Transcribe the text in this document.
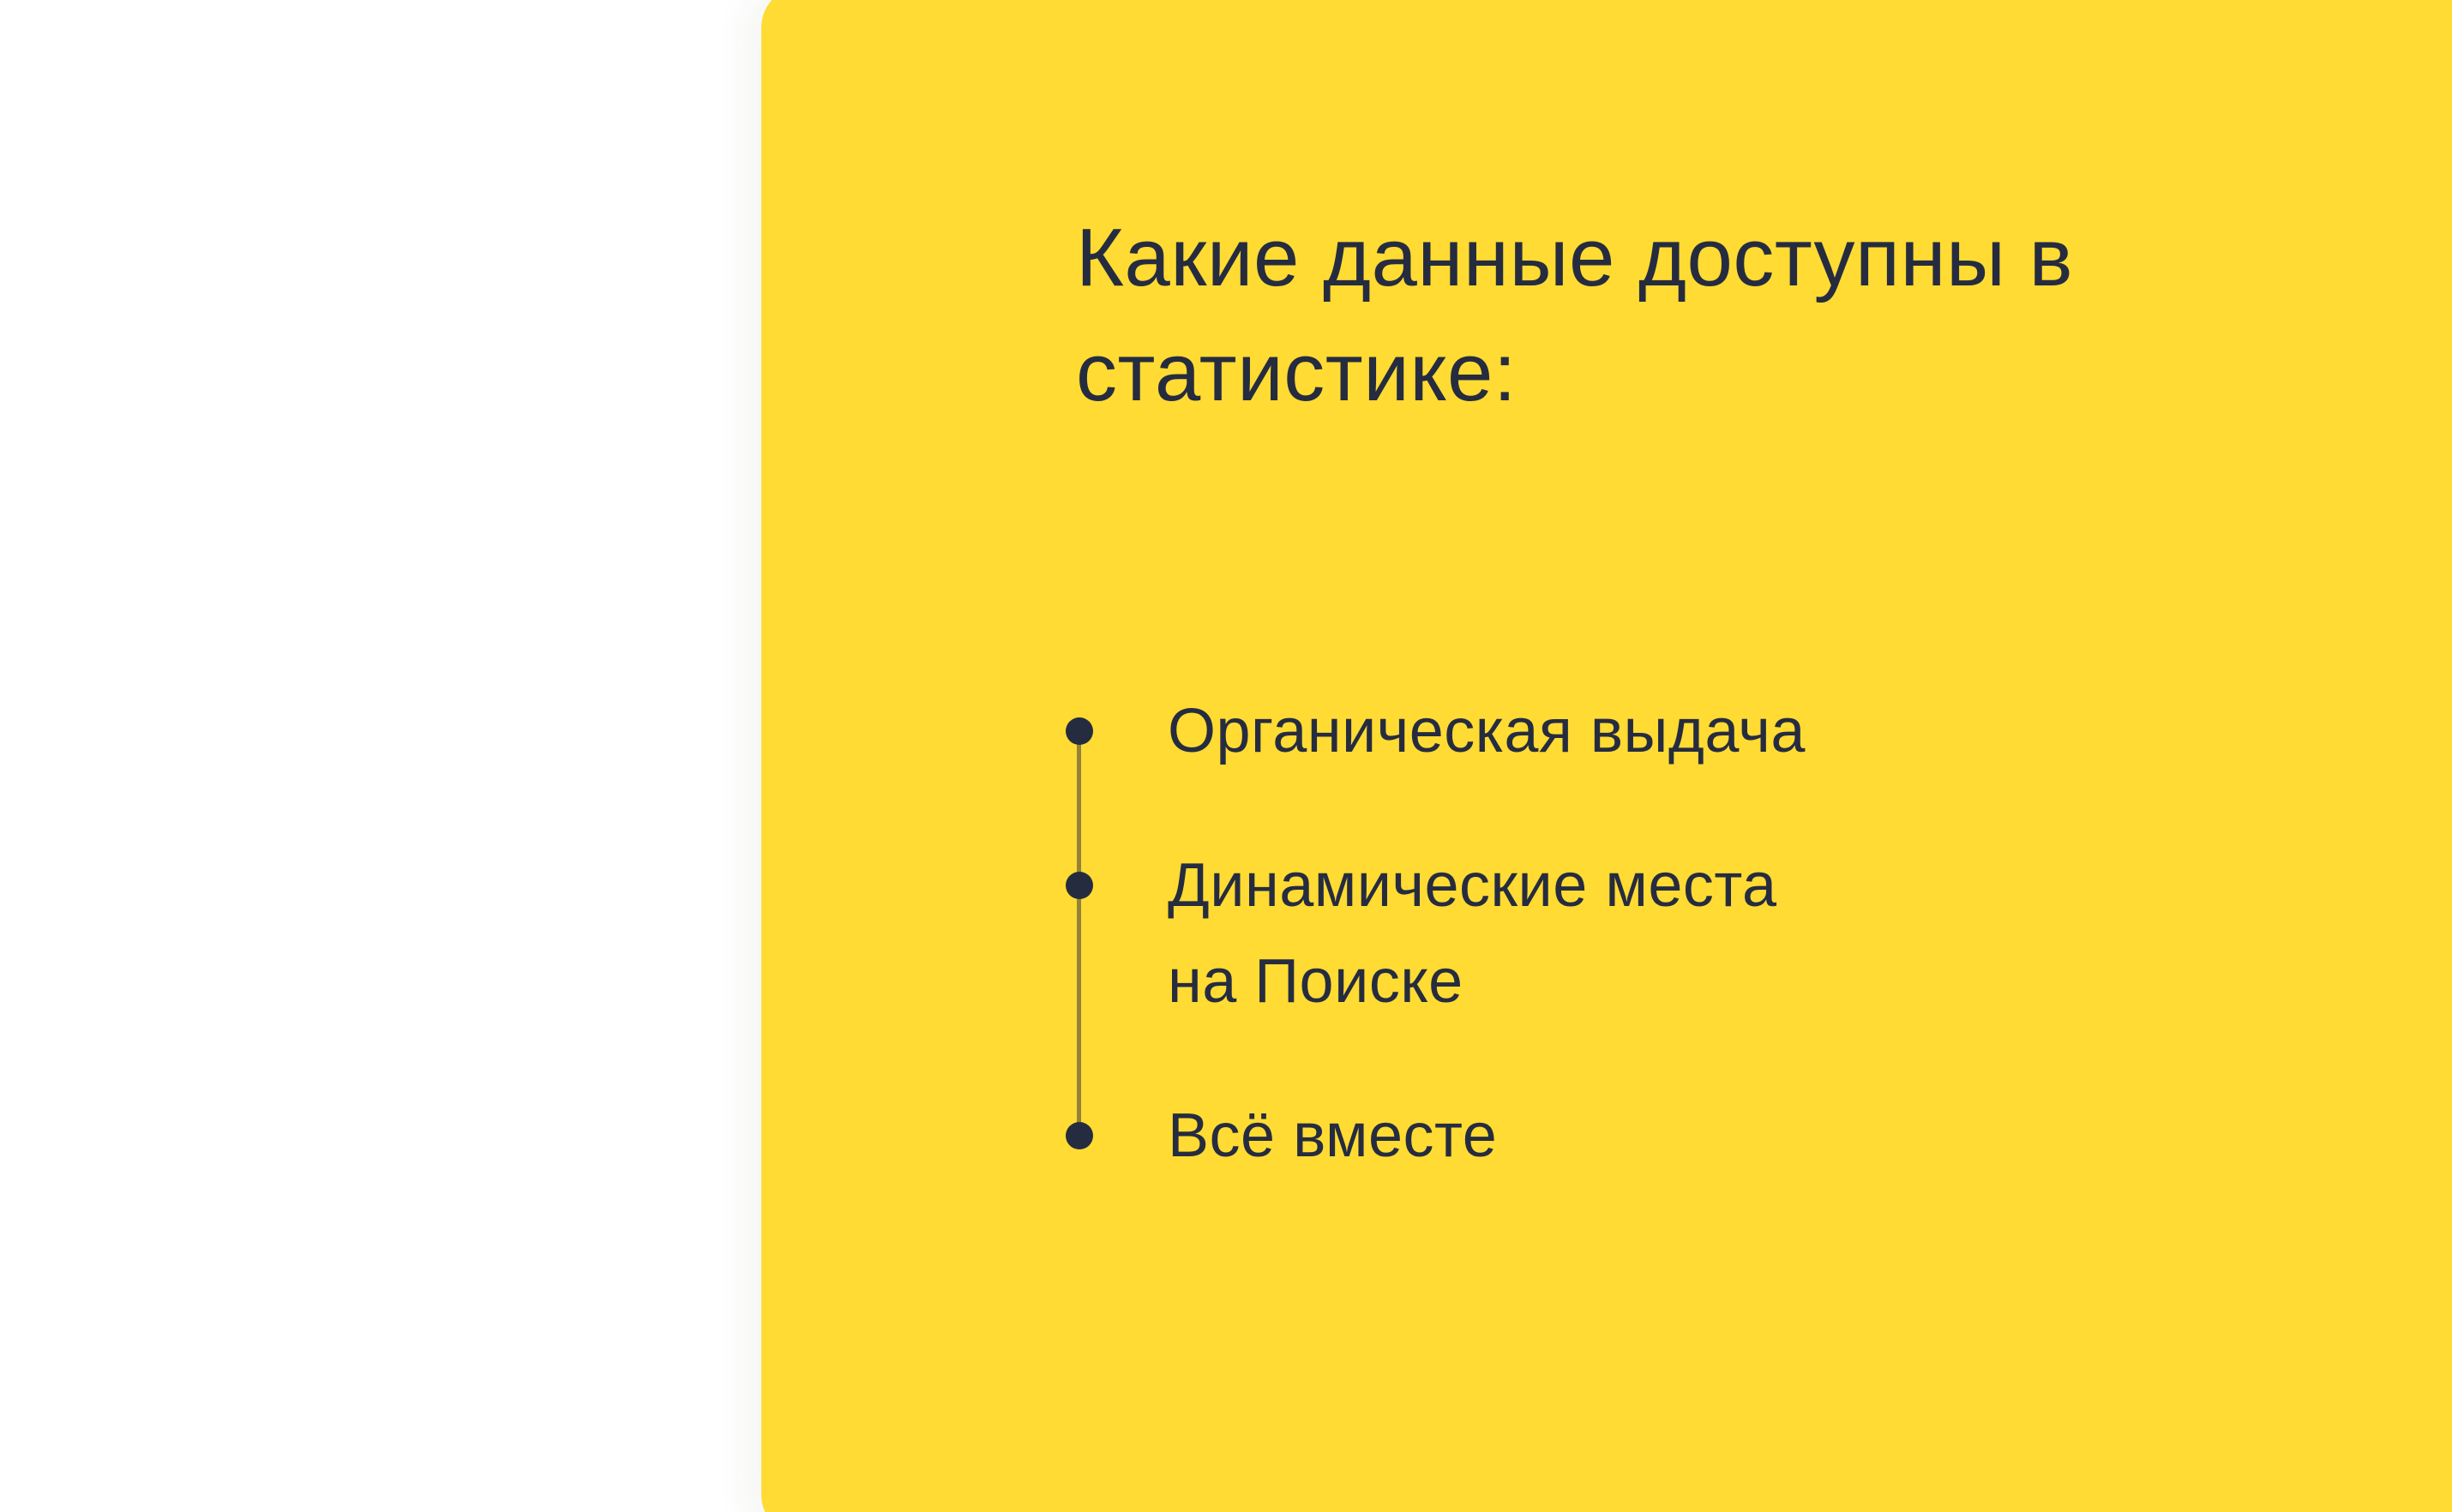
Какие данные доступны в
статистике:
Органическая выдача
Динамические места
на Поиске
Всё вместе
